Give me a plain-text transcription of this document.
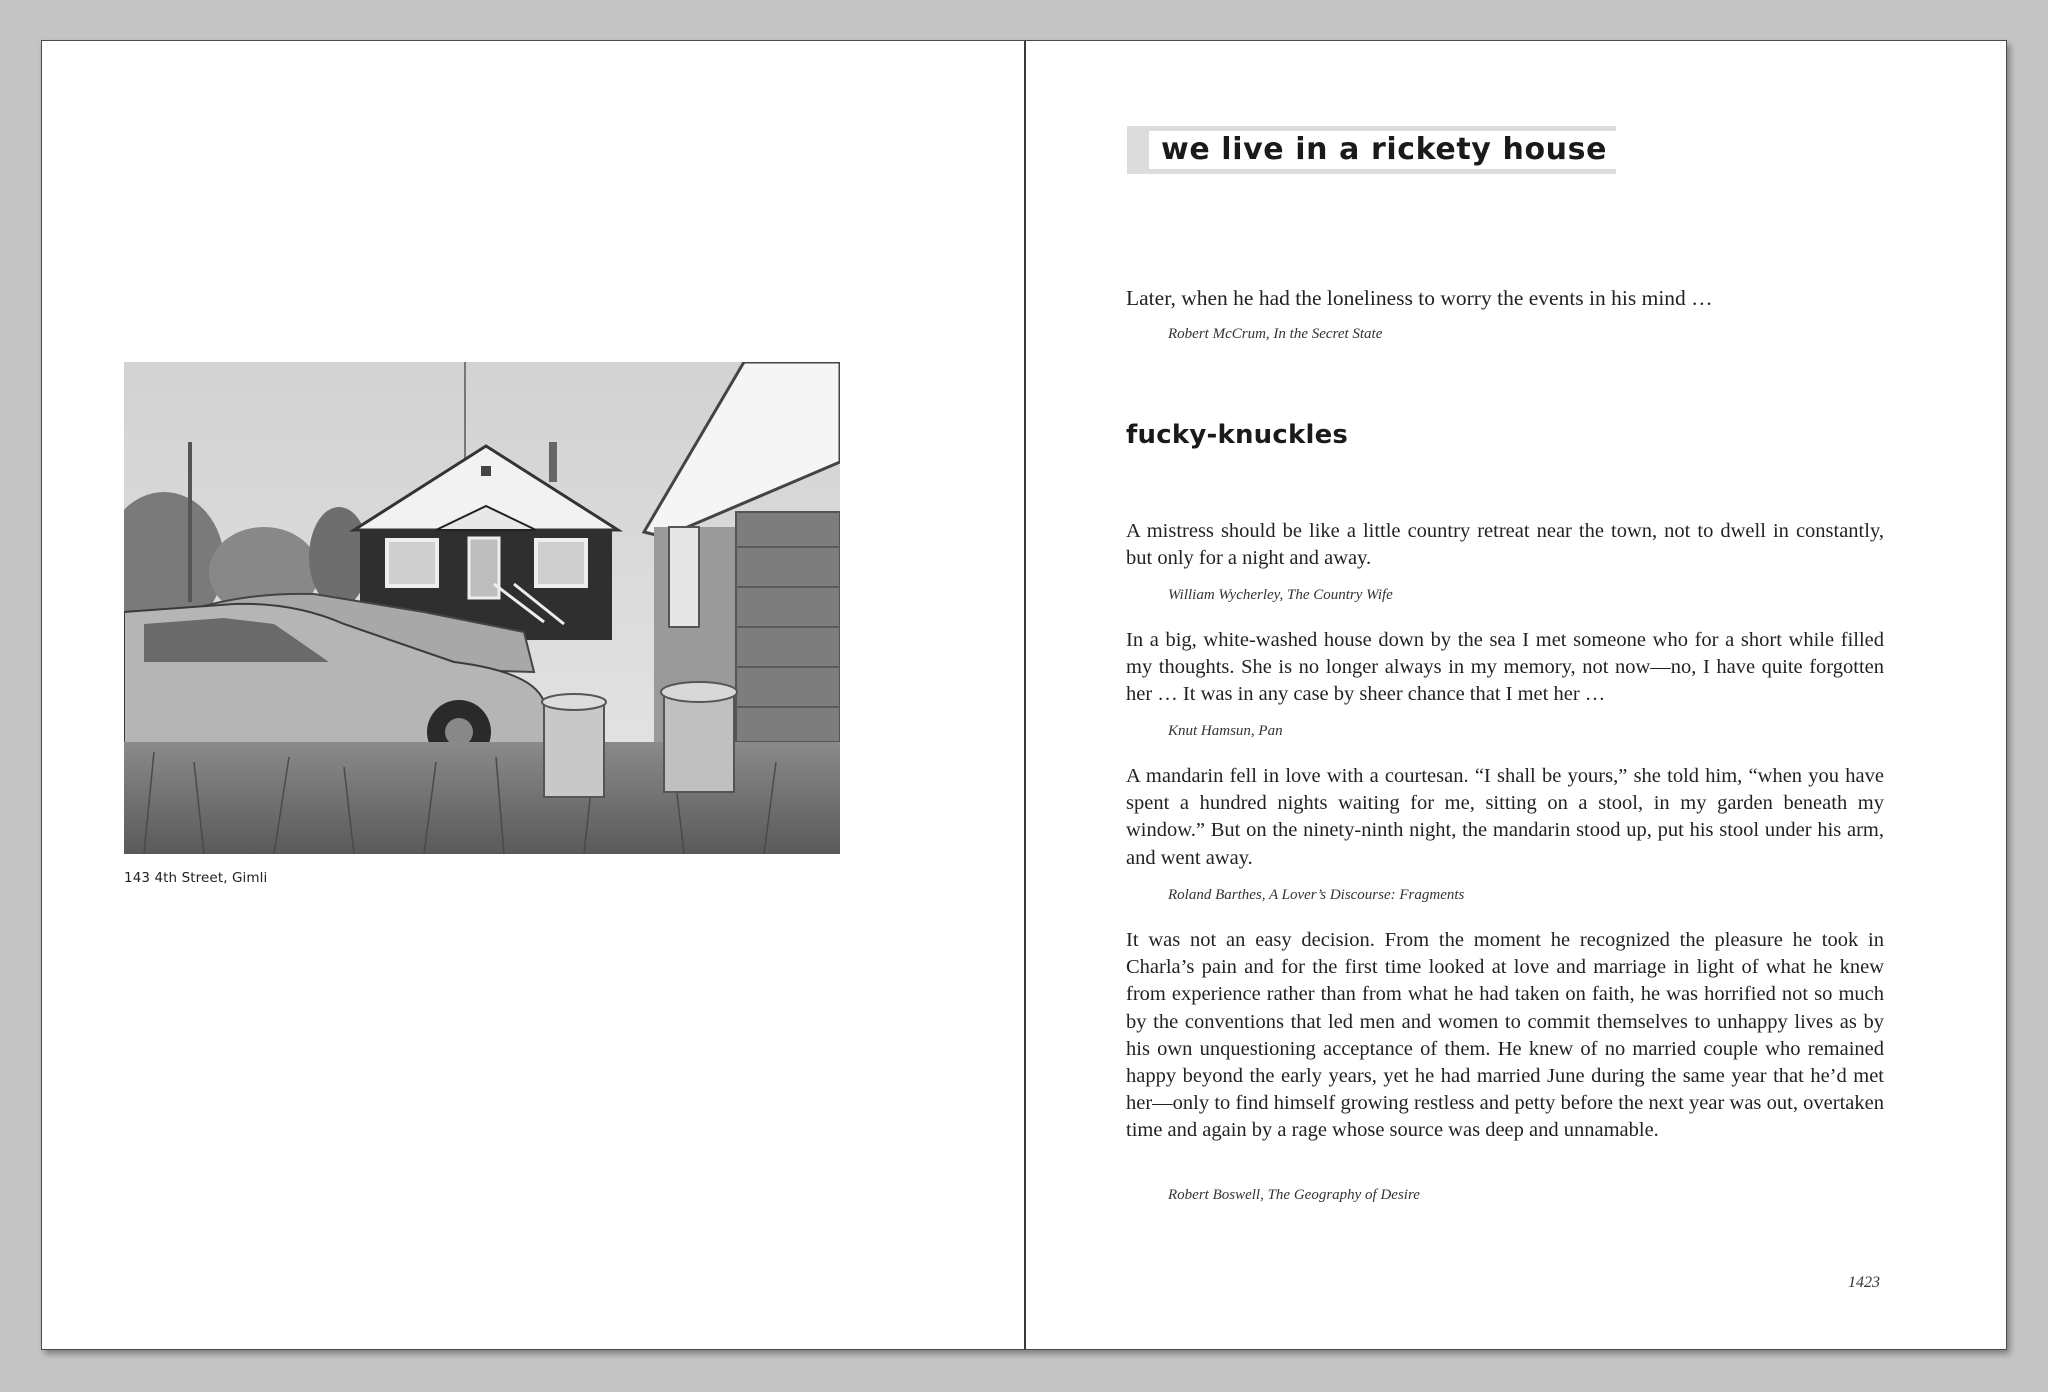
143 4th Street, Gimli
we live in a rickety house

Later, when he had the loneliness to worry the events in his mind …

Robert McCrum, In the Secret State
fucky-knuckles

A mistress should be like a little country retreat near the town, not to dwell in constantly, but only for a night and away.

William Wycherley, The Country Wife

In a big, white-washed house down by the sea I met someone who for a short while filled my thoughts. She is no longer always in my memory, not now—no, I have quite forgotten her … It was in any case by sheer chance that I met her …

Knut Hamsun, Pan

A mandarin fell in love with a courtesan. “I shall be yours,” she told him, “when you have spent a hundred nights waiting for me, sitting on a stool, in my garden beneath my window.” But on the ninety-ninth night, the mandarin stood up, put his stool under his arm, and went away.

Roland Barthes, A Lover’s Discourse: Fragments

It was not an easy decision. From the moment he recognized the pleasure he took in Charla’s pain and for the first time looked at love and marriage in light of what he knew from experience rather than from what he had taken on faith, he was horrified not so much by the conventions that led men and women to commit themselves to unhappy lives as by his own unquestioning acceptance of them. He knew of no married couple who remained happy beyond the early years, yet he had married June during the same year that he’d met her—only to find himself growing restless and petty before the next year was out, overtaken time and again by a rage whose source was deep and unnamable.

Robert Boswell, The Geography of Desire
1423
